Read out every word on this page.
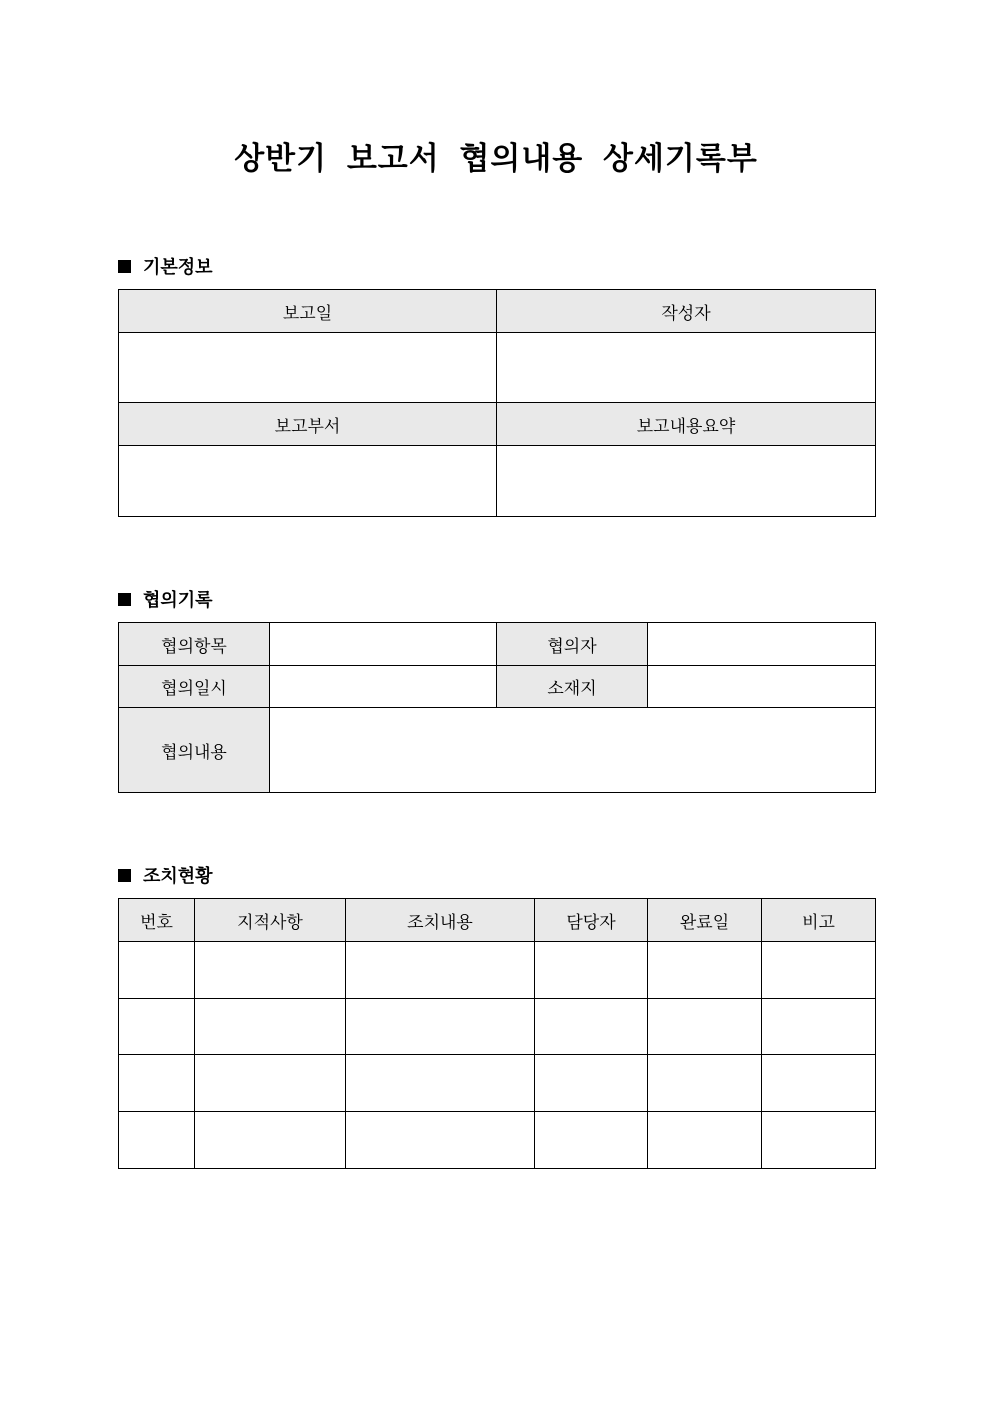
상반기 보고서 협의내용 상세기록부
기본정보
보고일	작성자

보고부서	보고내용요약

협의기록
협의항목		협의자	
협의일시		소재지	
협의내용			
조치현황
번호	지적사항	조치내용	담당자	완료일	비고
